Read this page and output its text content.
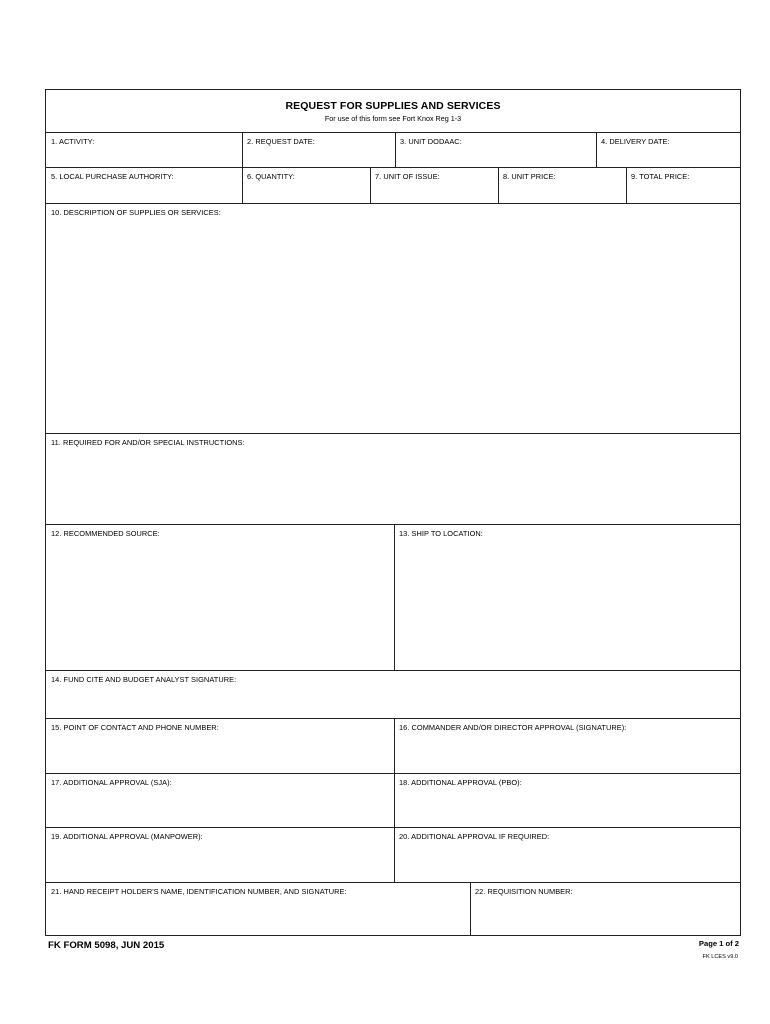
REQUEST FOR SUPPLIES AND SERVICES
For use of this form see Fort Knox Reg 1-3
1. ACTIVITY:	2. REQUEST DATE:	3. UNIT DODAAC:	4. DELIVERY DATE:
5. LOCAL PURCHASE AUTHORITY:	6. QUANTITY:	7. UNIT OF ISSUE:	8. UNIT PRICE:	9. TOTAL PRICE:
10. DESCRIPTION OF SUPPLIES OR SERVICES:
11. REQUIRED FOR AND/OR SPECIAL INSTRUCTIONS:
12. RECOMMENDED SOURCE:	13. SHIP TO LOCATION:
14. FUND CITE AND BUDGET ANALYST SIGNATURE:
15. POINT OF CONTACT AND PHONE NUMBER:	16. COMMANDER AND/OR DIRECTOR APPROVAL (SIGNATURE):
17. ADDITIONAL APPROVAL (SJA):	18. ADDITIONAL APPROVAL (PBO):
19. ADDITIONAL APPROVAL (MANPOWER):	20. ADDITIONAL APPROVAL IF REQUIRED:
21. HAND RECEIPT HOLDER'S NAME, IDENTIFICATION NUMBER, AND SIGNATURE:	22. REQUISITION NUMBER:
FK FORM 5098, JUN 2015	Page 1 of 2
FK LCES v9.0
